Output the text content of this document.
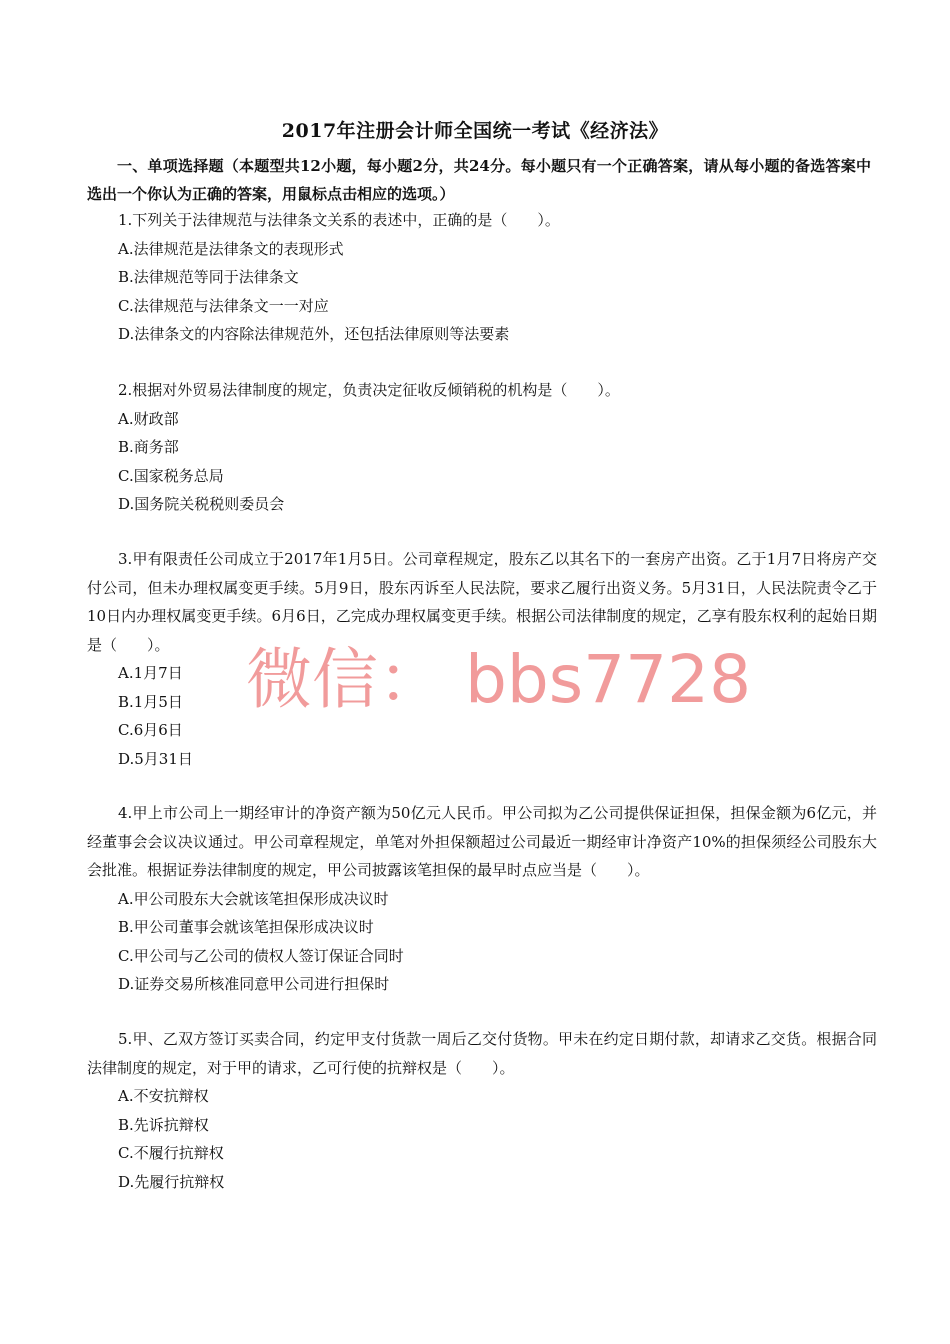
2017年注册会计师全国统一考试《经济法》
一、单项选择题（本题型共12小题，每小题2分，共24分。每小题只有一个正确答案，请从每小题的备选答案中选出一个你认为正确的答案，用鼠标点击相应的选项。）
1.下列关于法律规范与法律条文关系的表述中，正确的是（　　）。
A.法律规范是法律条文的表现形式
B.法律规范等同于法律条文
C.法律规范与法律条文一一对应
D.法律条文的内容除法律规范外，还包括法律原则等法要素
2.根据对外贸易法律制度的规定，负责决定征收反倾销税的机构是（　　）。
A.财政部
B.商务部
C.国家税务总局
D.国务院关税税则委员会
3.甲有限责任公司成立于2017年1月5日。公司章程规定，股东乙以其名下的一套房产出资。乙于1月7日将房产交付公司，但未办理权属变更手续。5月9日，股东丙诉至人民法院，要求乙履行出资义务。5月31日，人民法院责令乙于10日内办理权属变更手续。6月6日，乙完成办理权属变更手续。根据公司法律制度的规定，乙享有股东权利的起始日期是（　　）。
A.1月7日
B.1月5日
C.6月6日
D.5月31日
4.甲上市公司上一期经审计的净资产额为50亿元人民币。甲公司拟为乙公司提供保证担保，担保金额为6亿元，并经董事会会议决议通过。甲公司章程规定，单笔对外担保额超过公司最近一期经审计净资产10%的担保须经公司股东大会批准。根据证券法律制度的规定，甲公司披露该笔担保的最早时点应当是（　　）。
A.甲公司股东大会就该笔担保形成决议时
B.甲公司董事会就该笔担保形成决议时
C.甲公司与乙公司的债权人签订保证合同时
D.证券交易所核准同意甲公司进行担保时
5.甲、乙双方签订买卖合同，约定甲支付货款一周后乙交付货物。甲未在约定日期付款，却请求乙交货。根据合同法律制度的规定，对于甲的请求，乙可行使的抗辩权是（　　）。
A.不安抗辩权
B.先诉抗辩权
C.不履行抗辩权
D.先履行抗辩权
微信： bbs7728
